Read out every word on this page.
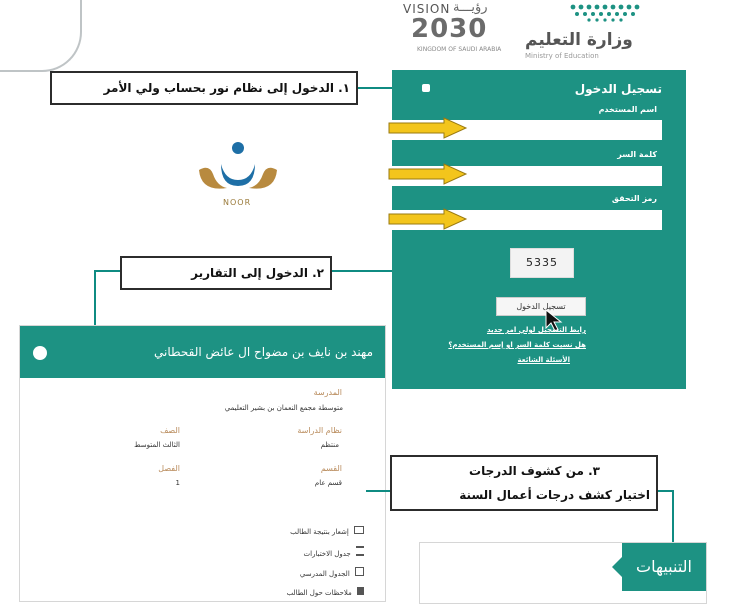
VISION رؤيـــة
2030
KINGDOM OF SAUDI ARABIA وزارة التعليم
Ministry of Education
تسجيل الدخول
اسم المستخدم
كلمة السر
رمز التحقق
5335
تسجيل الدخول
رابط التسجيل لولي امر جديد
هل نسيت كلمة السر او إسم المستخدم؟
الأسئلة الشائعة
١. الدخول إلى نظام نور بحساب ولي الأمر
NOOR
٢. الدخول إلى التقارير
مهند بن نايف بن مضواح ال عائض القحطاني
المدرسة
متوسطة مجمع النعمان بن بشير التعليمي
نظام الدراسة
منتظم
الصف
الثالث المتوسط
القسم
قسم عام
الفصل
1
إشعار بنتيجة الطالب
جدول الاختبارات
الجدول المدرسي
ملاحظات حول الطالب
٣. من كشوف الدرجات
اختيار كشف درجات أعمال السنة
التنبيهات
